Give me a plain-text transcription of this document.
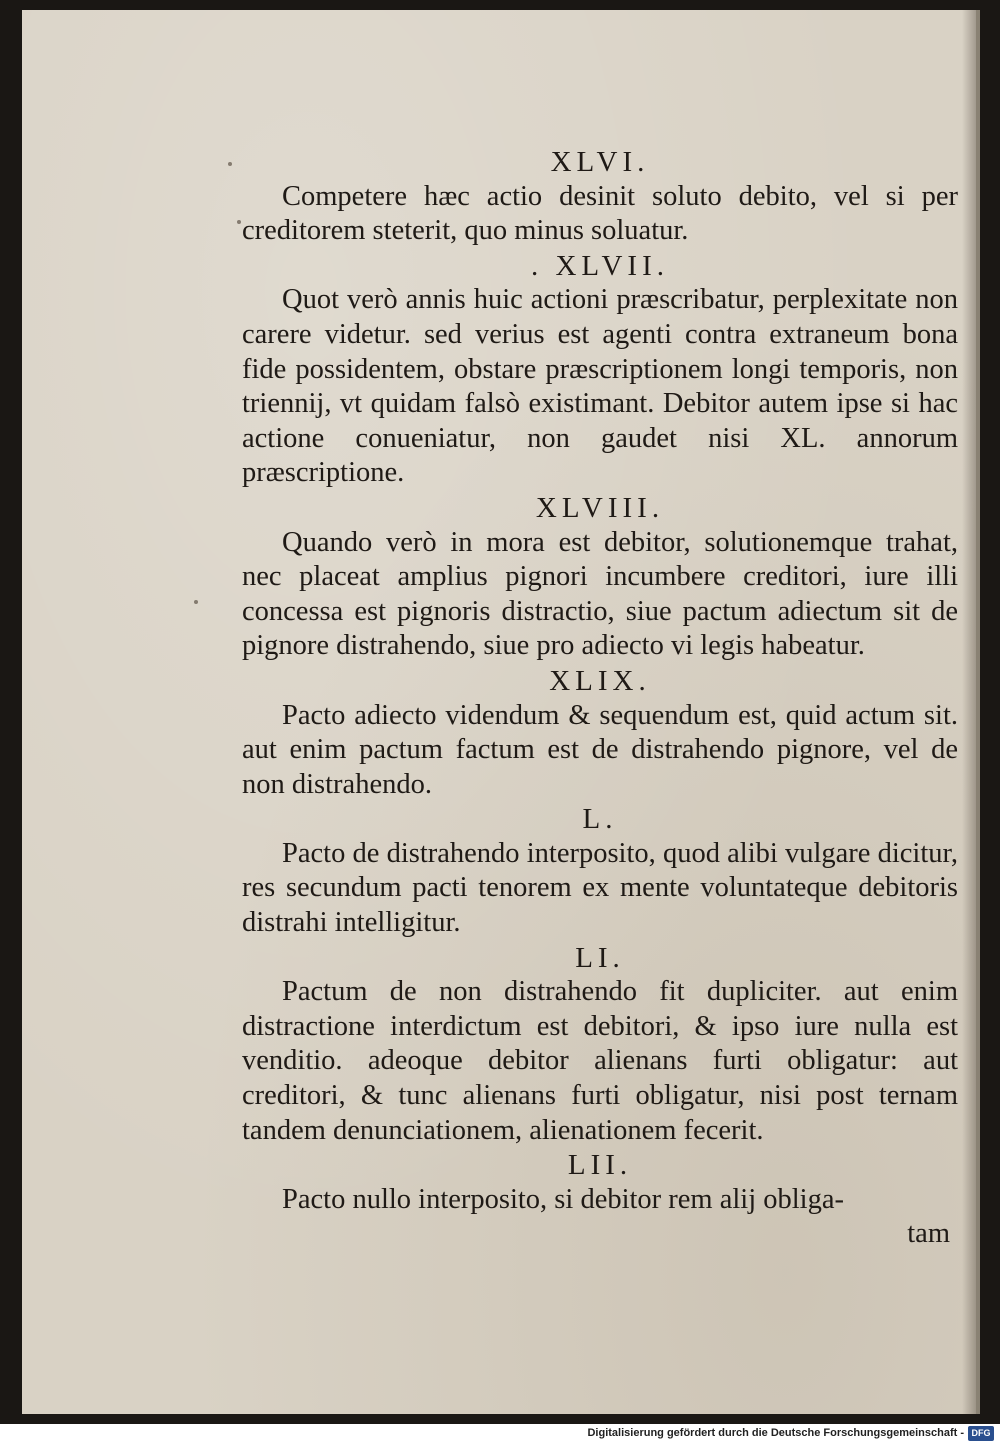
XLVI.

Competere hæc actio desinit soluto debito, vel si per creditorem steterit, quo minus soluatur.

. XLVII.

Quot verò annis huic actioni præscribatur, perplexitate non carere videtur. sed verius est agenti contra extraneum bona fide possidentem, obstare præscriptionem longi temporis, non triennij, vt quidam falsò existimant. Debitor autem ipse si hac actione conueniatur, non gaudet nisi XL. annorum præscriptione.

XLVIII.

Quando verò in mora est debitor, solutionemque trahat, nec placeat amplius pignori incumbere creditori, iure illi concessa est pignoris distractio, siue pactum adiectum sit de pignore distrahendo, siue pro adiecto vi legis habeatur.

XLIX.

Pacto adiecto videndum & sequendum est, quid actum sit. aut enim pactum factum est de distrahendo pignore, vel de non distrahendo.

L.

Pacto de distrahendo interposito, quod alibi vulgare dicitur, res secundum pacti tenorem ex mente voluntateque debitoris distrahi intelligitur.

LI.

Pactum de non distrahendo fit dupliciter. aut enim distractione interdictum est debitori, & ipso iure nulla est venditio. adeoque debitor alienans furti obligatur: aut creditori, & tunc alienans furti obligatur, nisi post ternam tandem denunciationem, alienationem fecerit.

LII.

Pacto nullo interposito, si debitor rem alij obliga-

tam

Digitalisierung gefördert durch die Deutsche Forschungsgemeinschaft - DFG
